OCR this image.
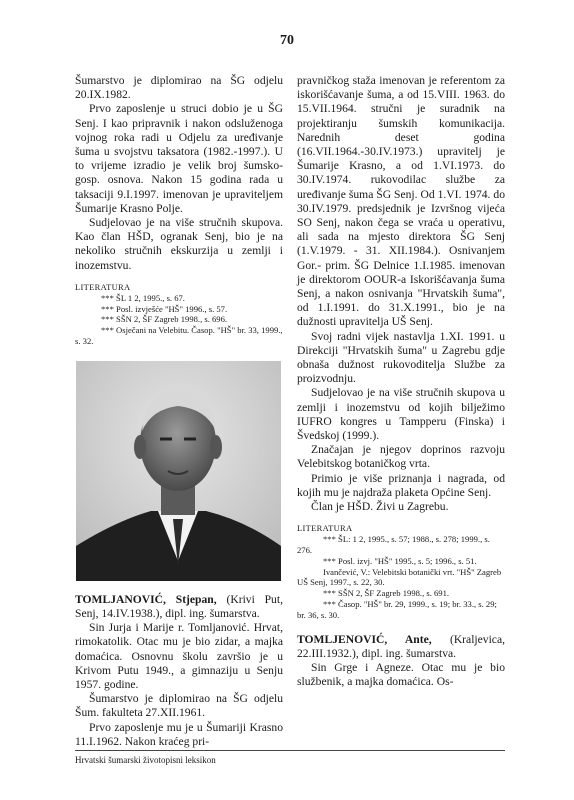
70

Šumarstvo je diplomirao na ŠG odjelu 20.IX.1982.

Prvo zaposlenje u struci dobio je u ŠG Senj. I kao pripravnik i nakon odsluženoga vojnog roka radi u Odjelu za uređivanje šuma u svojstvu taksatora (1982.-1997.). U to vrijeme izradio je velik broj šumsko-gosp. osnova. Nakon 15 godina rada u taksaciji 9.I.1997. imenovan je upraviteljem Šumarije Krasno Polje.

Sudjelovao je na više stručnih skupova. Kao član HŠD, ogranak Senj, bio je na nekoliko stručnih ekskurzija u zemlji i inozemstvu.

LITERATURA
*** ŠL 1 2, 1995., s. 67.
*** Posl. izvješće "HŠ" 1996., s. 57.
*** SŠN 2, ŠF Zagreb 1998., s. 696.
*** Osječani na Velebitu. Časop. "HŠ" br. 33, 1999., s. 32.

TOMLJANOVIĆ, Stjepan, (Krivi Put, Senj, 14.IV.1938.), dipl. ing. šumarstva.

Sin Jurja i Marije r. Tomljanović. Hrvat, rimokatolik. Otac mu je bio zidar, a majka domaćica. Osnovnu školu završio je u Krivom Putu 1949., a gimnaziju u Senju 1957. godine.

Šumarstvo je diplomirao na ŠG odjelu Šum. fakulteta 27.XII.1961.

Prvo zaposlenje mu je u Šumariji Krasno 11.I.1962. Nakon kraćeg pri-

pravničkog staža imenovan je referentom za iskorišćavanje šuma, a od 15.VIII. 1963. do 15.VII.1964. stručni je suradnik na projektiranju šumskih komunikacija. Narednih deset godina (16.VII.1964.-30.IV.1973.) upravitelj je Šumarije Krasno, a od 1.VI.1973. do 30.IV.1974. rukovodilac službe za uređivanje šuma ŠG Senj. Od 1.VI. 1974. do 30.IV.1979. predsjednik je Izvršnog vijeća SO Senj, nakon čega se vraća u operativu, ali sada na mjesto direktora ŠG Senj (1.V.1979. - 31. XII.1984.). Osnivanjem Gor.- prim. ŠG Delnice 1.I.1985. imenovan je direktorom OOUR-a Iskorišćavanja šuma Senj, a nakon osnivanja "Hrvatskih šuma", od 1.I.1991. do 31.X.1991., bio je na dužnosti upravitelja UŠ Senj.

Svoj radni vijek nastavlja 1.XI. 1991. u Direkciji "Hrvatskih šuma" u Zagrebu gdje obnaša dužnost rukovoditelja Službe za proizvodnju.

Sudjelovao je na više stručnih skupova u zemlji i inozemstvu od kojih bilježimo IUFRO kongres u Tampperu (Finska) i Švedskoj (1999.).

Značajan je njegov doprinos razvoju Velebitskog botaničkog vrta.

Primio je više priznanja i nagrada, od kojih mu je najdraža plaketa Općine Senj.

Član je HŠD. Živi u Zagrebu.

LITERATURA
*** ŠL: 1 2, 1995., s. 57; 1988., s. 278; 1999., s. 276.
*** Posl. izvj. "HŠ" 1995., s. 5; 1996., s. 51.
Ivančević, V.: Velebitski botanički vrt. "HŠ" Zagreb UŠ Senj, 1997., s. 22, 30.
*** SŠN 2, ŠF Zagreb 1998., s. 691.
*** Časop. "HŠ" br. 29, 1999., s. 19; br. 33., s. 29; br. 36, s. 30.

TOMLJENOVIĆ, Ante, (Kraljevica, 22.III.1932.), dipl. ing. šumarstva.

Sin Grge i Agneze. Otac mu je bio službenik, a majka domaćica. Os-

Hrvatski šumarski životopisni leksikon
